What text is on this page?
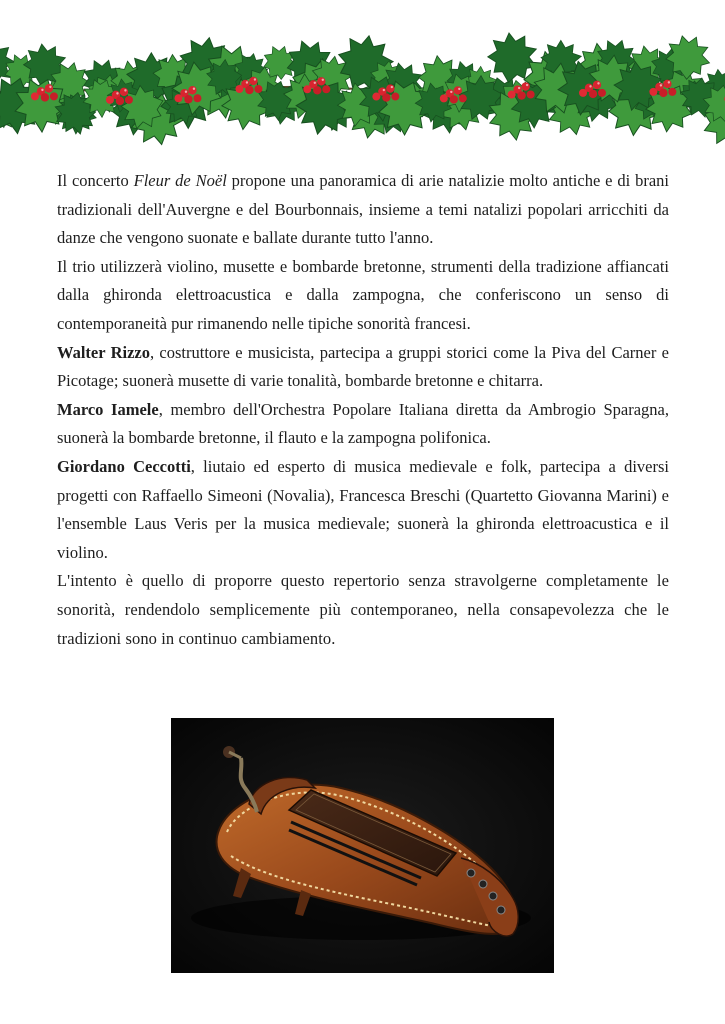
Il concerto Fleur de Noël propone una panoramica di arie natalizie molto antiche e di brani tradizionali dell'Auvergne e del Bourbonnais, insieme a temi natalizi popolari arricchiti da danze che vengono suonate e ballate durante tutto l'anno.

Il trio utilizzerà violino, musette e bombarde bretonne, strumenti della tradizione affiancati dalla ghironda elettroacustica e dalla zampogna, che conferiscono un senso di contemporaneità pur rimanendo nelle tipiche sonorità francesi.

Walter Rizzo, costruttore e musicista, partecipa a gruppi storici come la Piva del Carner e Picotage; suonerà musette di varie tonalità, bombarde bretonne e chitarra.

Marco Iamele, membro dell'Orchestra Popolare Italiana diretta da Ambrogio Sparagna, suonerà la bombarde bretonne, il flauto e la zampogna polifonica.

Giordano Ceccotti, liutaio ed esperto di musica medievale e folk, partecipa a diversi progetti con Raffaello Simeoni (Novalia), Francesca Breschi (Quartetto Giovanna Marini) e l'ensemble Laus Veris per la musica medievale; suonerà la ghironda elettroacustica e il violino.

L'intento è quello di proporre questo repertorio senza stravolgerne completamente le sonorità, rendendolo semplicemente più contemporaneo, nella consapevolezza che le tradizioni sono in continuo cambiamento.
